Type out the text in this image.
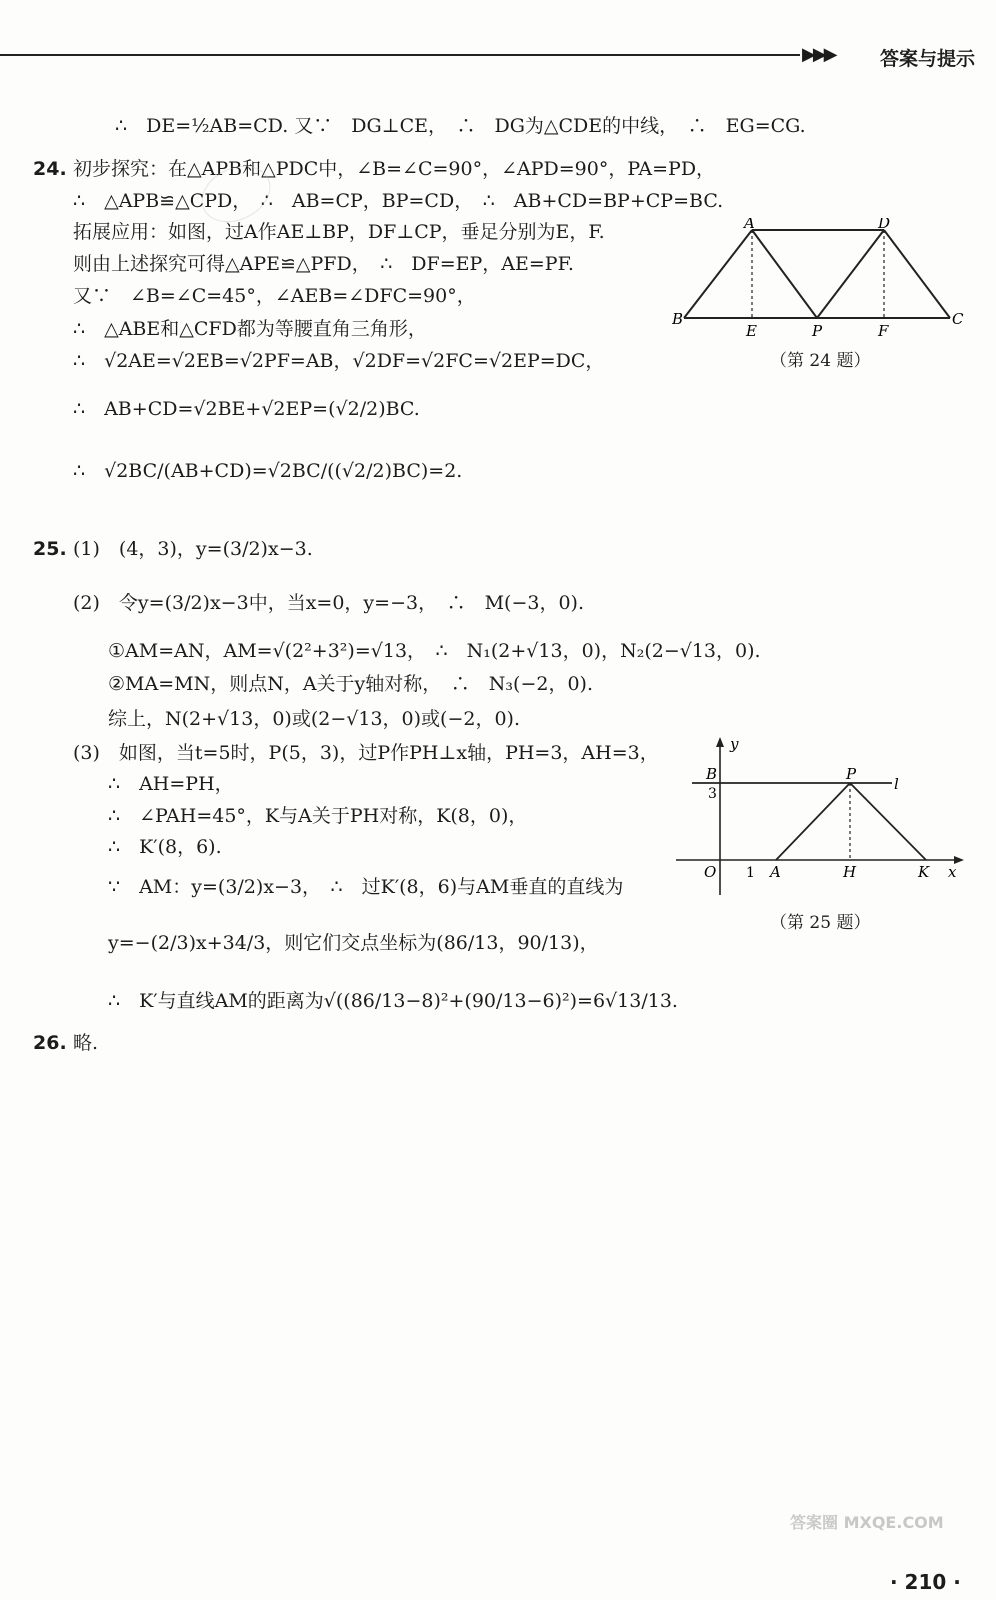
▶▶▶ 答案与提示
24.
25.
26.
∴　DE=½AB=CD. 又∵　DG⊥CE，　∴　DG为△CDE的中线，　∴　EG=CG.
初步探究：在△APB和△PDC中，∠B=∠C=90°，∠APD=90°，PA=PD，
∴　△APB≌△CPD，　∴　AB=CP，BP=CD，　∴　AB+CD=BP+CP=BC.
拓展应用：如图，过A作AE⊥BP，DF⊥CP，垂足分别为E，F.
则由上述探究可得△APE≌△PFD，　∴　DF=EP，AE=PF.
又∵　∠B=∠C=45°，∠AEB=∠DFC=90°，
∴　△ABE和△CFD都为等腰直角三角形，
∴　√2AE=√2EB=√2PF=AB，√2DF=√2FC=√2EP=DC，
∴　AB+CD=√2BE+√2EP=(√2/2)BC.
∴　√2BC/(AB+CD)=√2BC/((√2/2)BC)=2.
(1)　(4，3)，y=(3/2)x−3.
(2)　令y=(3/2)x−3中，当x=0，y=−3，　∴　M(−3，0).
①AM=AN，AM=√(2²+3²)=√13，　∴　N₁(2+√13，0)，N₂(2−√13，0).
②MA=MN，则点N，A关于y轴对称，　∴　N₃(−2，0).
综上，N(2+√13，0)或(2−√13，0)或(−2，0).
(3)　如图，当t=5时，P(5，3)，过P作PH⊥x轴，PH=3，AH=3，
∴　AH=PH，
∴　∠PAH=45°，K与A关于PH对称，K(8，0)，
∴　K′(8，6).
∵　AM：y=(3/2)x−3，　∴　过K′(8，6)与AM垂直的直线为
y=−(2/3)x+34/3，则它们交点坐标为(86/13，90/13)，
∴　K′与直线AM的距离为√((86/13−8)²+(90/13−6)²)=6√13/13.
略.
A	D
B
E	P	F
C
（第 24 题）
y
x
O 1 A	H	K
B
3
P
l
（第 25 题）
答案圈 MXQE.COM
· 210 ·
